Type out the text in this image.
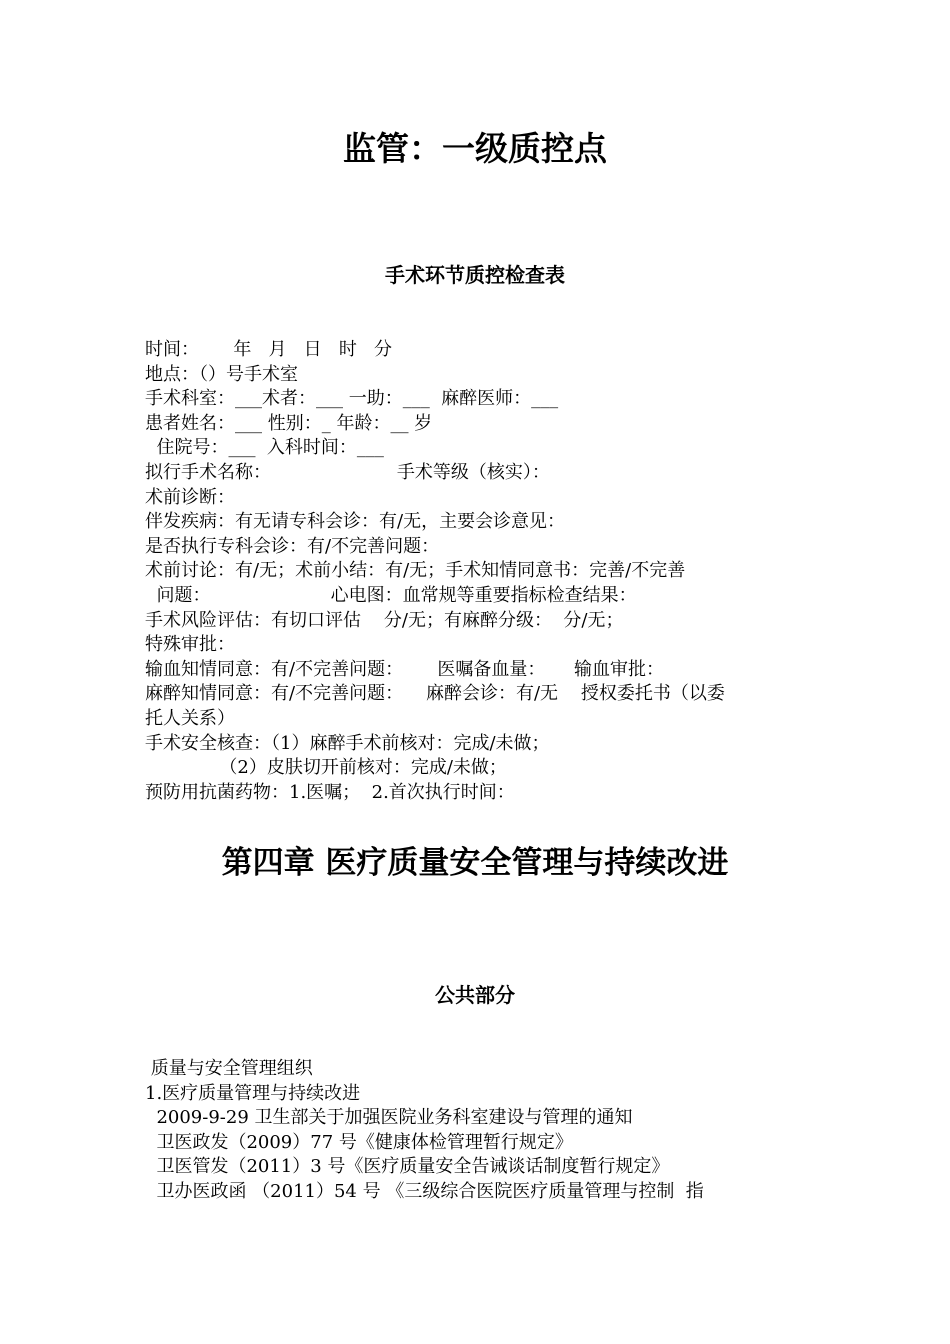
监管：一级质控点
手术环节质控检查表
时间：      年   月   日   时   分
地点：（）号手术室
手术科室：___术者：___ 一助：___  麻醉医师：___
患者姓名：___ 性别：_ 年龄：__ 岁
住院号：___  入科时间：___
拟行手术名称：                      手术等级（核实）：
术前诊断：
伴发疾病：有无请专科会诊：有/无，主要会诊意见：
是否执行专科会诊：有/不完善问题：
术前讨论：有/无；术前小结：有/无；手术知情同意书：完善/不完善
问题：                     心电图：血常规等重要指标检查结果：
手术风险评估：有切口评估    分/无；有麻醉分级：  分/无；
特殊审批：
输血知情同意：有/不完善问题：      医嘱备血量：     输血审批：
麻醉知情同意：有/不完善问题：    麻醉会诊：有/无    授权委托书（以委
托人关系）
手术安全核查：（1）麻醉手术前核对：完成/未做；
（2）皮肤切开前核对：完成/未做；
预防用抗菌药物：1.医嘱；  2.首次执行时间：
第四章 医疗质量安全管理与持续改进
公共部分
质量与安全管理组织
1.医疗质量管理与持续改进
2009-9-29 卫生部关于加强医院业务科室建设与管理的通知
卫医政发（2009）77 号《健康体检管理暂行规定》
卫医管发（2011）3 号《医疗质量安全告诫谈话制度暂行规定》
卫办医政函 （2011）54 号 《三级综合医院医疗质量管理与控制  指
